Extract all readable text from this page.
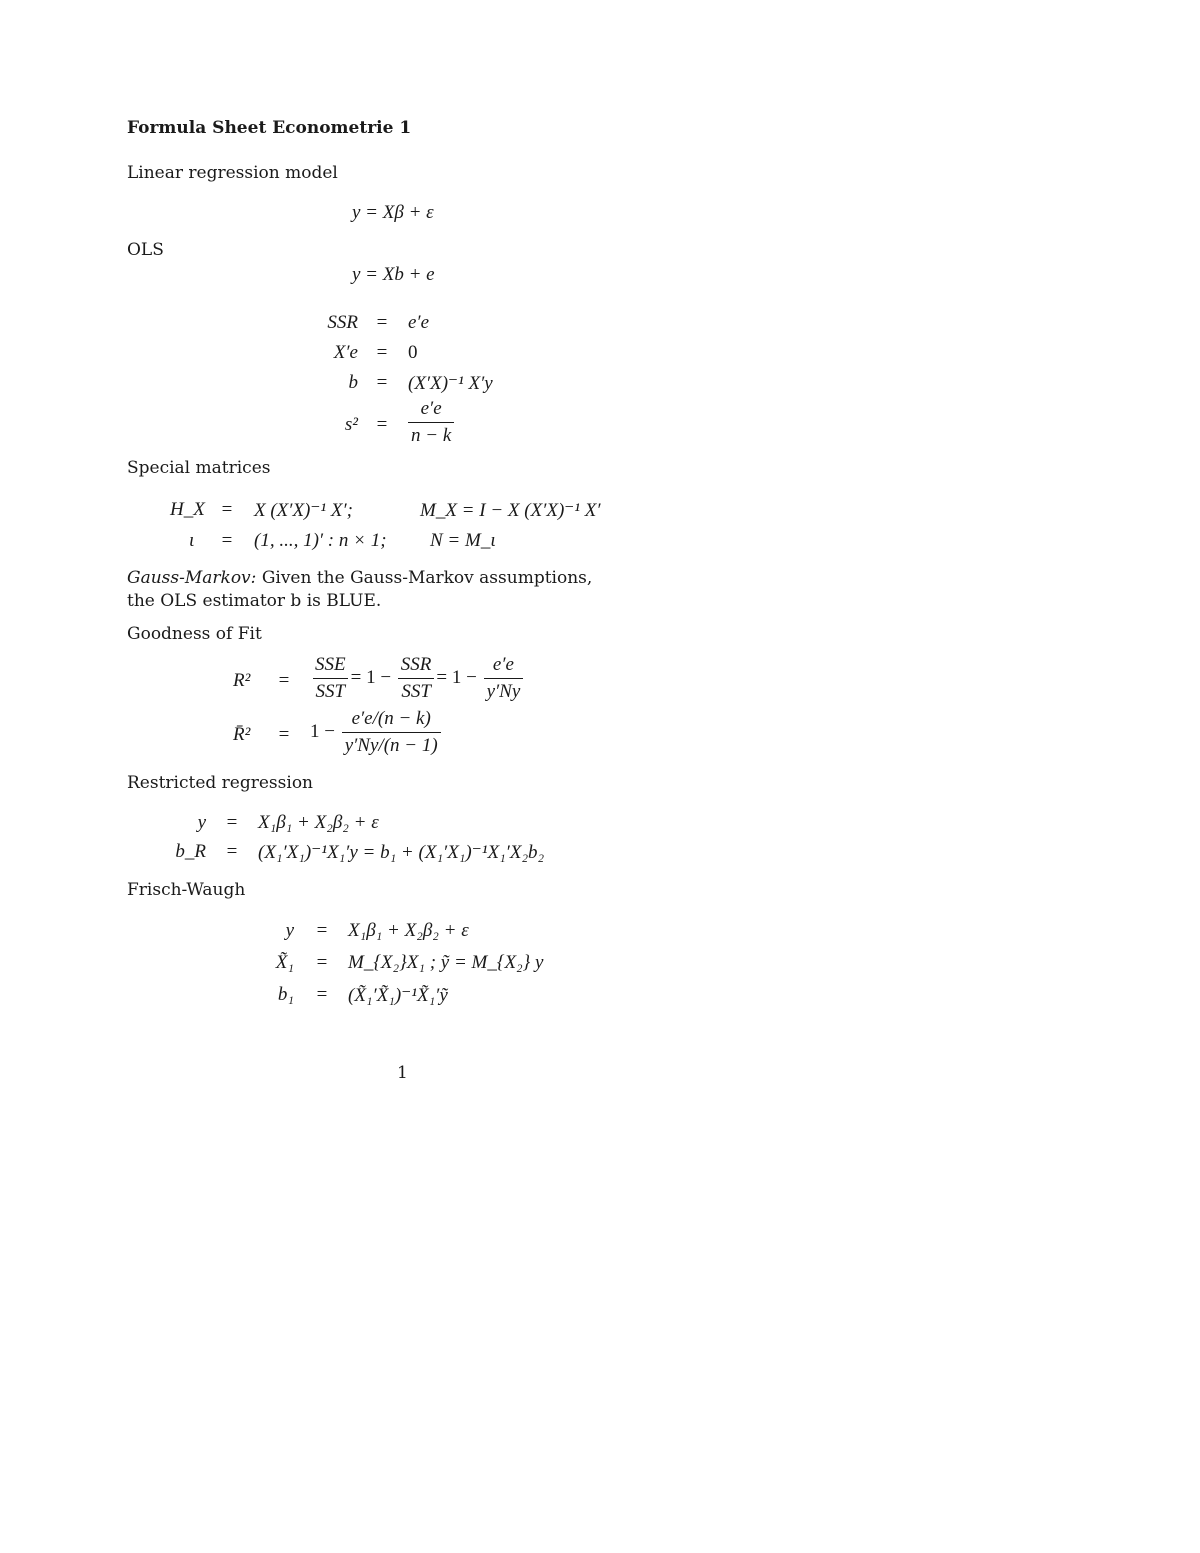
Formula Sheet Econometrie 1
Linear regression model
y = Xβ + ε
OLS
y = Xb + e
SSR =	e′e
X′e =	0
b =	(X′X)⁻¹ X′y
s² =	$\frac{e'e}{n - k}$
Special matrices
H_X =	X (X′X)⁻¹ X′;	M_X = I − X (X′X)⁻¹ X′
ι	=	(1, ..., 1)′ : n × 1; N = M_ι
Gauss-Markov: Given the Gauss-Markov assumptions,
the OLS estimator b is BLUE.
Goodness of Fit
R²	=	$\frac{\text{SSE}}{\text{SST}} = 1 - \frac{\text{SSR}}{\text{SST}} = 1 - \frac{e'e}{y'Ny}$
R̄²	=	$1 - \frac{e'e/(n - k)}{y'Ny/(n - 1)}$
Restricted regression
y	=	X₁β₁ + X₂β₂ + ε
b_R	=	(X₁′X₁)⁻¹X₁′y = b₁ + (X₁′X₁)⁻¹X₁′X₂b₂
Frisch-Waugh
y	=	X₁β₁ + X₂β₂ + ε
X̃₁	=	M_{X₂}X₁ ; ỹ = M_{X₂} y
b₁	=	(X̃₁′X̃₁)⁻¹X̃₁′ỹ
1
